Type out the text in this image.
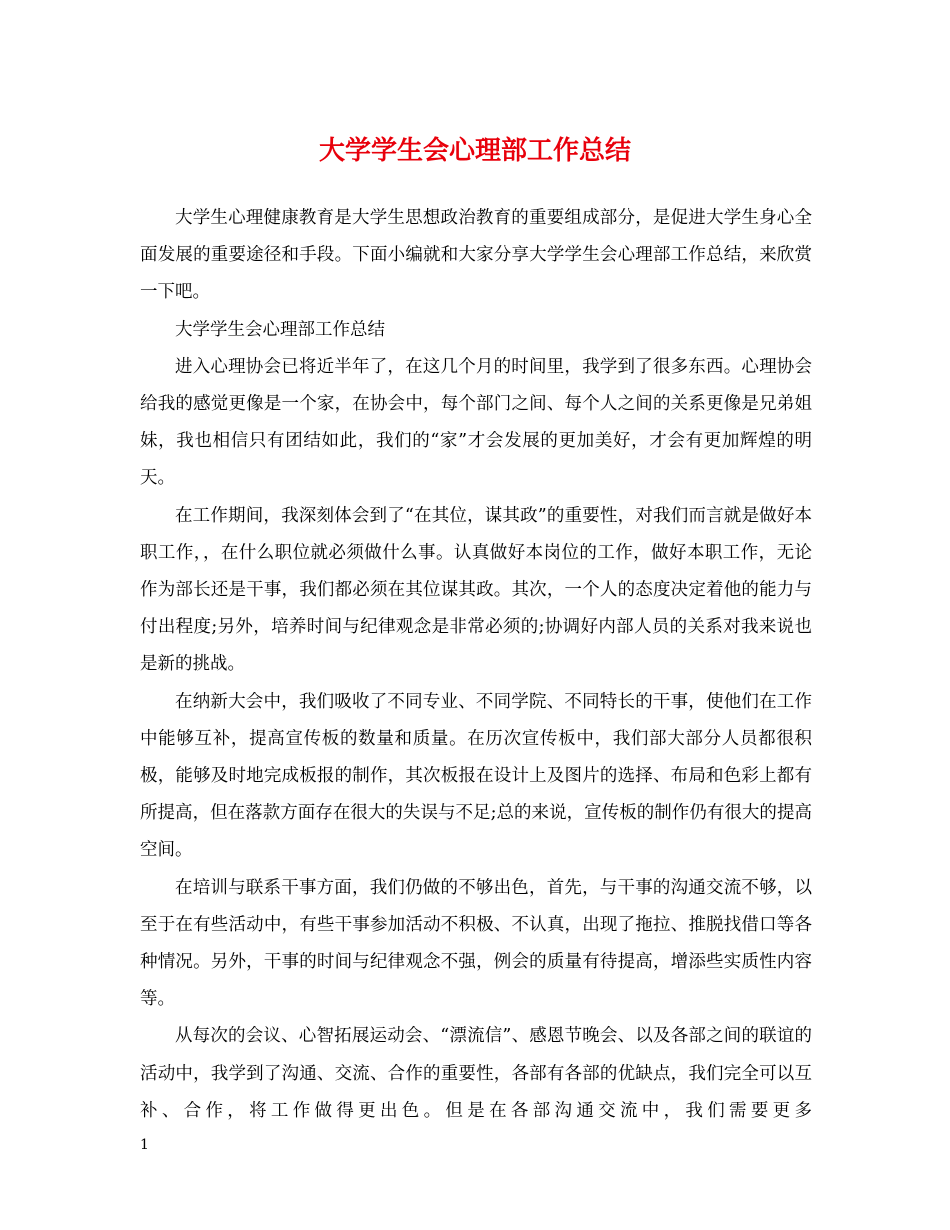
大学学生会心理部工作总结

大学生心理健康教育是大学生思想政治教育的重要组成部分，是促进大学生身心全面发展的重要途径和手段。下面小编就和大家分享大学学生会心理部工作总结，来欣赏一下吧。

大学学生会心理部工作总结

进入心理协会已将近半年了，在这几个月的时间里，我学到了很多东西。心理协会给我的感觉更像是一个家，在协会中，每个部门之间、每个人之间的关系更像是兄弟姐妹，我也相信只有团结如此，我们的“家”才会发展的更加美好，才会有更加辉煌的明天。

在工作期间，我深刻体会到了“在其位，谋其政”的重要性，对我们而言就是做好本职工作，，在什么职位就必须做什么事。认真做好本岗位的工作，做好本职工作，无论作为部长还是干事，我们都必须在其位谋其政。其次，一个人的态度决定着他的能力与付出程度;另外，培养时间与纪律观念是非常必须的;协调好内部人员的关系对我来说也是新的挑战。

在纳新大会中，我们吸收了不同专业、不同学院、不同特长的干事，使他们在工作中能够互补，提高宣传板的数量和质量。在历次宣传板中，我们部大部分人员都很积极，能够及时地完成板报的制作，其次板报在设计上及图片的选择、布局和色彩上都有所提高，但在落款方面存在很大的失误与不足;总的来说，宣传板的制作仍有很大的提高空间。

在培训与联系干事方面，我们仍做的不够出色，首先，与干事的沟通交流不够，以至于在有些活动中，有些干事参加活动不积极、不认真，出现了拖拉、推脱找借口等各种情况。另外，干事的时间与纪律观念不强，例会的质量有待提高，增添些实质性内容等。

从每次的会议、心智拓展运动会、“漂流信”、感恩节晚会、以及各部之间的联谊的活动中，我学到了沟通、交流、合作的重要性，各部有各部的优缺点，我们完全可以互补、合作，将工作做得更出色。但是在各部沟通交流中，我们需要更多

1
